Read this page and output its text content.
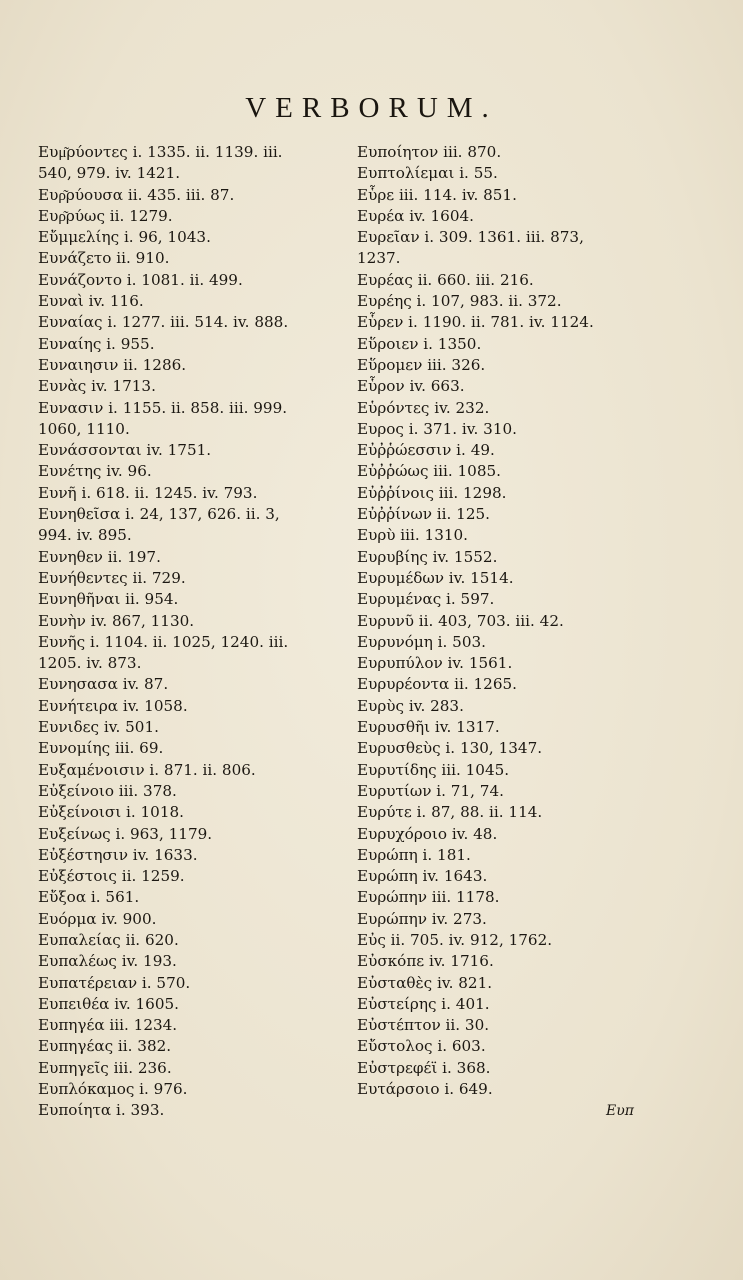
VERBORUM.
Ευμ͂ρύοντες i. 1335. ii. 1139. iii.
540, 979. iv. 1421.
Ευρ͂ρύουσα ii. 435. iii. 87.
Ευρ͂ρύως ii. 1279.
Εὔμμελίης i. 96, 1043.
Ευνάζετο ii. 910.
Ευνάζοντο i. 1081. ii. 499.
Ευναὶ iv. 116.
Ευναίας i. 1277. iii. 514. iv. 888.
Ευναίης i. 955.
Ευναιησιν ii. 1286.
Ευνὰς iv. 1713.
Ευνασιν i. 1155. ii. 858. iii. 999.
1060, 1110.
Ευνάσσονται iv. 1751.
Ευνέτης iv. 96.
Ευνῆ i. 618. ii. 1245. iv. 793.
Ευνηθεῖσα i. 24, 137, 626. ii. 3,
994. iv. 895.
Ευνηθεν ii. 197.
Ευνήθεντες ii. 729.
Ευνηθῆναι ii. 954.
Ευνὴν iv. 867, 1130.
Ευνῆς i. 1104. ii. 1025, 1240. iii.
1205. iv. 873.
Ευνησασα iv. 87.
Ευνήτειρα iv. 1058.
Ευνιδες iv. 501.
Ευνομίης iii. 69.
Ευξαμένοισιν i. 871. ii. 806.
Εὐξείνοιο iii. 378.
Εὐξείνοισι i. 1018.
Ευξείνως i. 963, 1179.
Εὐξέστησιν iv. 1633.
Εὐξέστοις ii. 1259.
Εὔξοα i. 561.
Ευόρμα iv. 900.
Ευπαλείας ii. 620.
Ευπαλέως iv. 193.
Ευπατέρειαν i. 570.
Ευπειθέα iv. 1605.
Ευπηγέα iii. 1234.
Ευπηγέας ii. 382.
Ευπηγεῖς iii. 236.
Ευπλόκαμος i. 976.
Ευποίητα i. 393.
Ευποίητον iii. 870.
Ευπτολίεμαι i. 55.
Εὗρε iii. 114. iv. 851.
Ευρέα iv. 1604.
Ευρεῖαν i. 309. 1361. iii. 873,
1237.
Ευρέας ii. 660. iii. 216.
Ευρέης i. 107, 983. ii. 372.
Εὗρεν i. 1190. ii. 781. iv. 1124.
Εὕροιεν i. 1350.
Εὕρομεν iii. 326.
Εὗρον iv. 663.
Εὑρόντες iv. 232.
Ευρος i. 371. iv. 310.
Εὐῤῥώεσσιν i. 49.
Εὐῤῥώως iii. 1085.
Εὐῤῥίνοις iii. 1298.
Εὐῤῥίνων ii. 125.
Ευρὺ iii. 1310.
Ευρυβίης iv. 1552.
Ευρυμέδων iv. 1514.
Ευρυμένας i. 597.
Ευρυνῦ ii. 403, 703. iii. 42.
Ευρυνόμη i. 503.
Ευρυπύλον iv. 1561.
Ευρυρέοντα ii. 1265.
Ευρὺς iv. 283.
Ευρυσθῆι iv. 1317.
Ευρυσθεὺς i. 130, 1347.
Ευρυτίδης iii. 1045.
Ευρυτίων i. 71, 74.
Ευρύτε i. 87, 88. ii. 114.
Ευρυχόροιο iv. 48.
Ευρώπη i. 181.
Ευρώπη iv. 1643.
Ευρώπην iii. 1178.
Ευρώπην iv. 273.
Εὐς ii. 705. iv. 912, 1762.
Εὐσκόπε iv. 1716.
Εὐσταθὲς iv. 821.
Εὐστείρης i. 401.
Εὐστέπτον ii. 30.
Εὔστολος i. 603.
Εὐστρεφέϊ i. 368.
Ευτάρσοιο i. 649.
Ευπ
